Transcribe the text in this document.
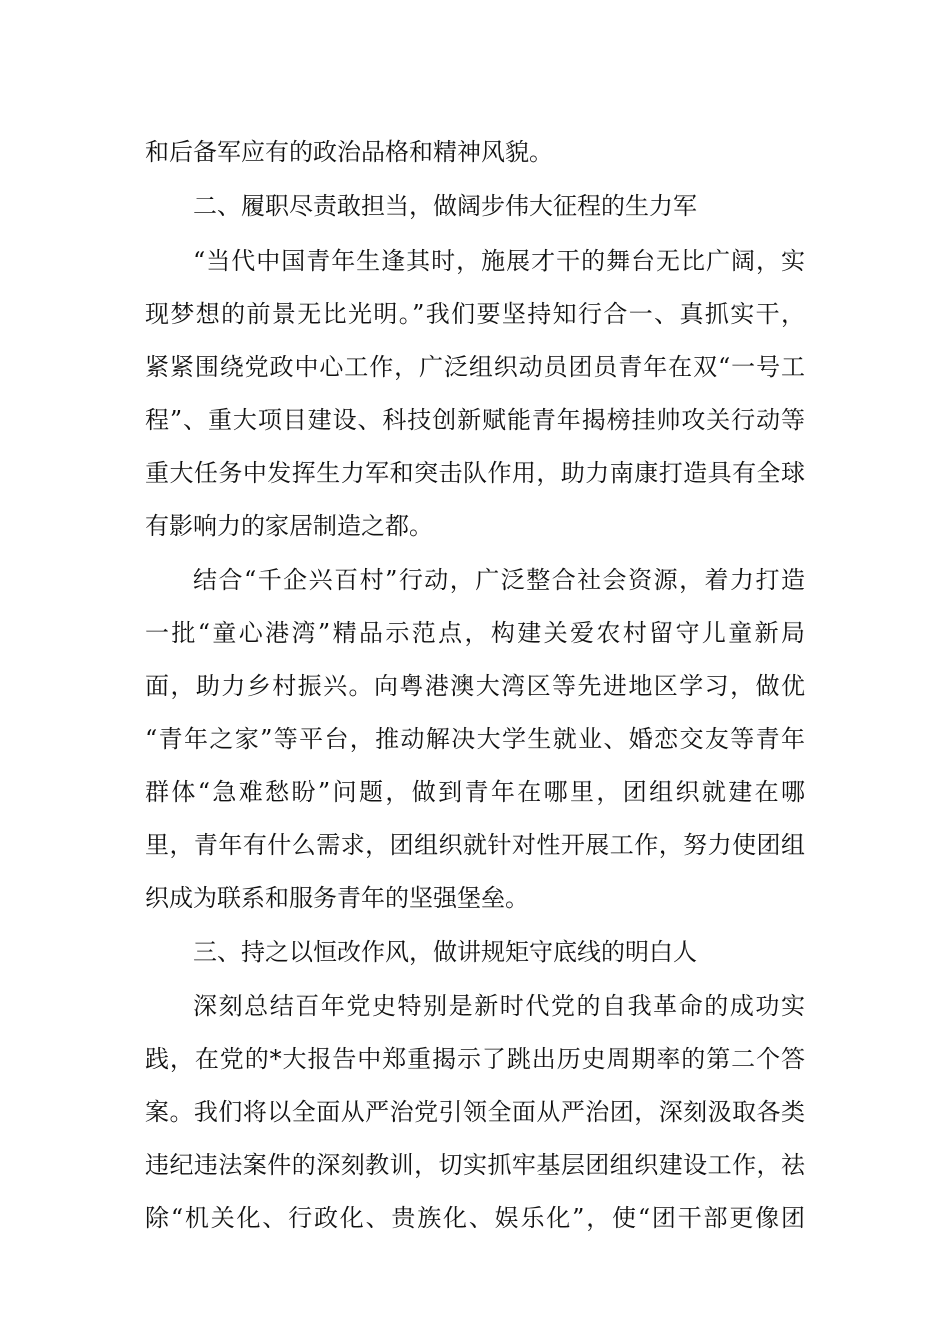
和后备军应有的政治品格和精神风貌。
二、履职尽责敢担当，做阔步伟大征程的生力军
“当代中国青年生逢其时，施展才干的舞台无比广阔，实
现梦想的前景无比光明。”我们要坚持知行合一、真抓实干，
紧紧围绕党政中心工作，广泛组织动员团员青年在双“一号工
程”、重大项目建设、科技创新赋能青年揭榜挂帅攻关行动等
重大任务中发挥生力军和突击队作用，助力南康打造具有全球
有影响力的家居制造之都。
结合“千企兴百村”行动，广泛整合社会资源，着力打造
一批“童心港湾”精品示范点，构建关爱农村留守儿童新局
面，助力乡村振兴。向粤港澳大湾区等先进地区学习，做优
“青年之家”等平台，推动解决大学生就业、婚恋交友等青年
群体“急难愁盼”问题，做到青年在哪里，团组织就建在哪
里，青年有什么需求，团组织就针对性开展工作，努力使团组
织成为联系和服务青年的坚强堡垒。
三、持之以恒改作风，做讲规矩守底线的明白人
深刻总结百年党史特别是新时代党的自我革命的成功实
践，在党的*大报告中郑重揭示了跳出历史周期率的第二个答
案。我们将以全面从严治党引领全面从严治团，深刻汲取各类
违纪违法案件的深刻教训，切实抓牢基层团组织建设工作，祛
除“机关化、行政化、贵族化、娱乐化”，使“团干部更像团
